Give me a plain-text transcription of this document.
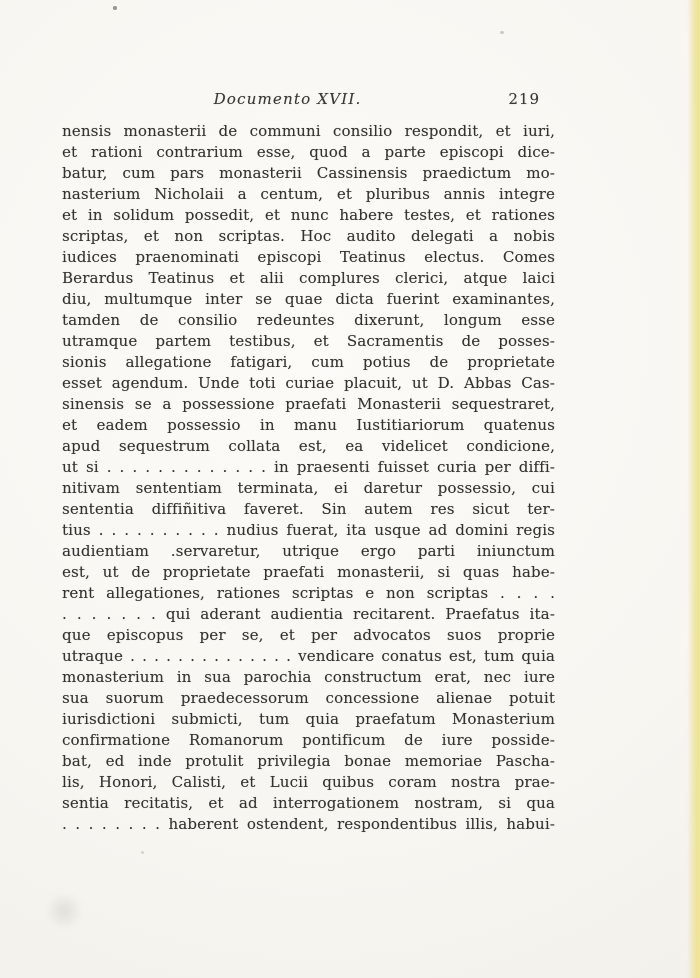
Documento XVII.	219
nensis monasterii de communi consilio respondit, et iuri,
et rationi contrarium esse, quod a parte episcopi dice-
batur, cum pars monasterii Cassinensis praedictum mo-
nasterium Nicholaii a centum, et pluribus annis integre
et in solidum possedit, et nunc habere testes, et rationes
scriptas, et non scriptas. Hoc audito delegati a nobis
iudices praenominati episcopi Teatinus electus. Comes
Berardus Teatinus et alii complures clerici, atque laici
diu, multumque inter se quae dicta fuerint examinantes,
tamden de consilio redeuntes dixerunt, longum esse
utramque partem testibus, et Sacramentis de posses-
sionis allegatione fatigari, cum potius de proprietate
esset agendum. Unde toti curiae placuit, ut D. Abbas Cas-
sinensis se a possessione praefati Monasterii sequestraret,
et eadem possessio in manu Iustitiariorum quatenus
apud sequestrum collata est, ea videlicet condicione,
ut si . . . . . . . . . . . . . in praesenti fuisset curia per diffi-
nitivam sententiam terminata, ei daretur possessio, cui
sententia diffiñitiva faveret. Sin autem res sicut ter-
tius . . . . . . . . . . nudius fuerat, ita usque ad domini regis
audientiam .servaretur, utrique ergo parti iniunctum
est, ut de proprietate praefati monasterii, si quas habe-
rent allegationes, rationes scriptas e non scriptas . . . .
. . . . . . . qui aderant audientia recitarent. Praefatus ita-
que episcopus per se, et per advocatos suos proprie
utraque . . . . . . . . . . . . . . vendicare conatus est, tum quia
monasterium in sua parochia constructum erat, nec iure
sua suorum praedecessorum concessione alienae potuit
iurisdictioni submicti, tum quia praefatum Monasterium
confirmatione Romanorum pontificum de iure posside-
bat, ed inde protulit privilegia bonae memoriae Pascha-
lis, Honori, Calisti, et Lucii quibus coram nostra prae-
sentia recitatis, et ad interrogationem nostram, si qua
. . . . . . . . haberent ostendent, respondentibus illis, habui-
